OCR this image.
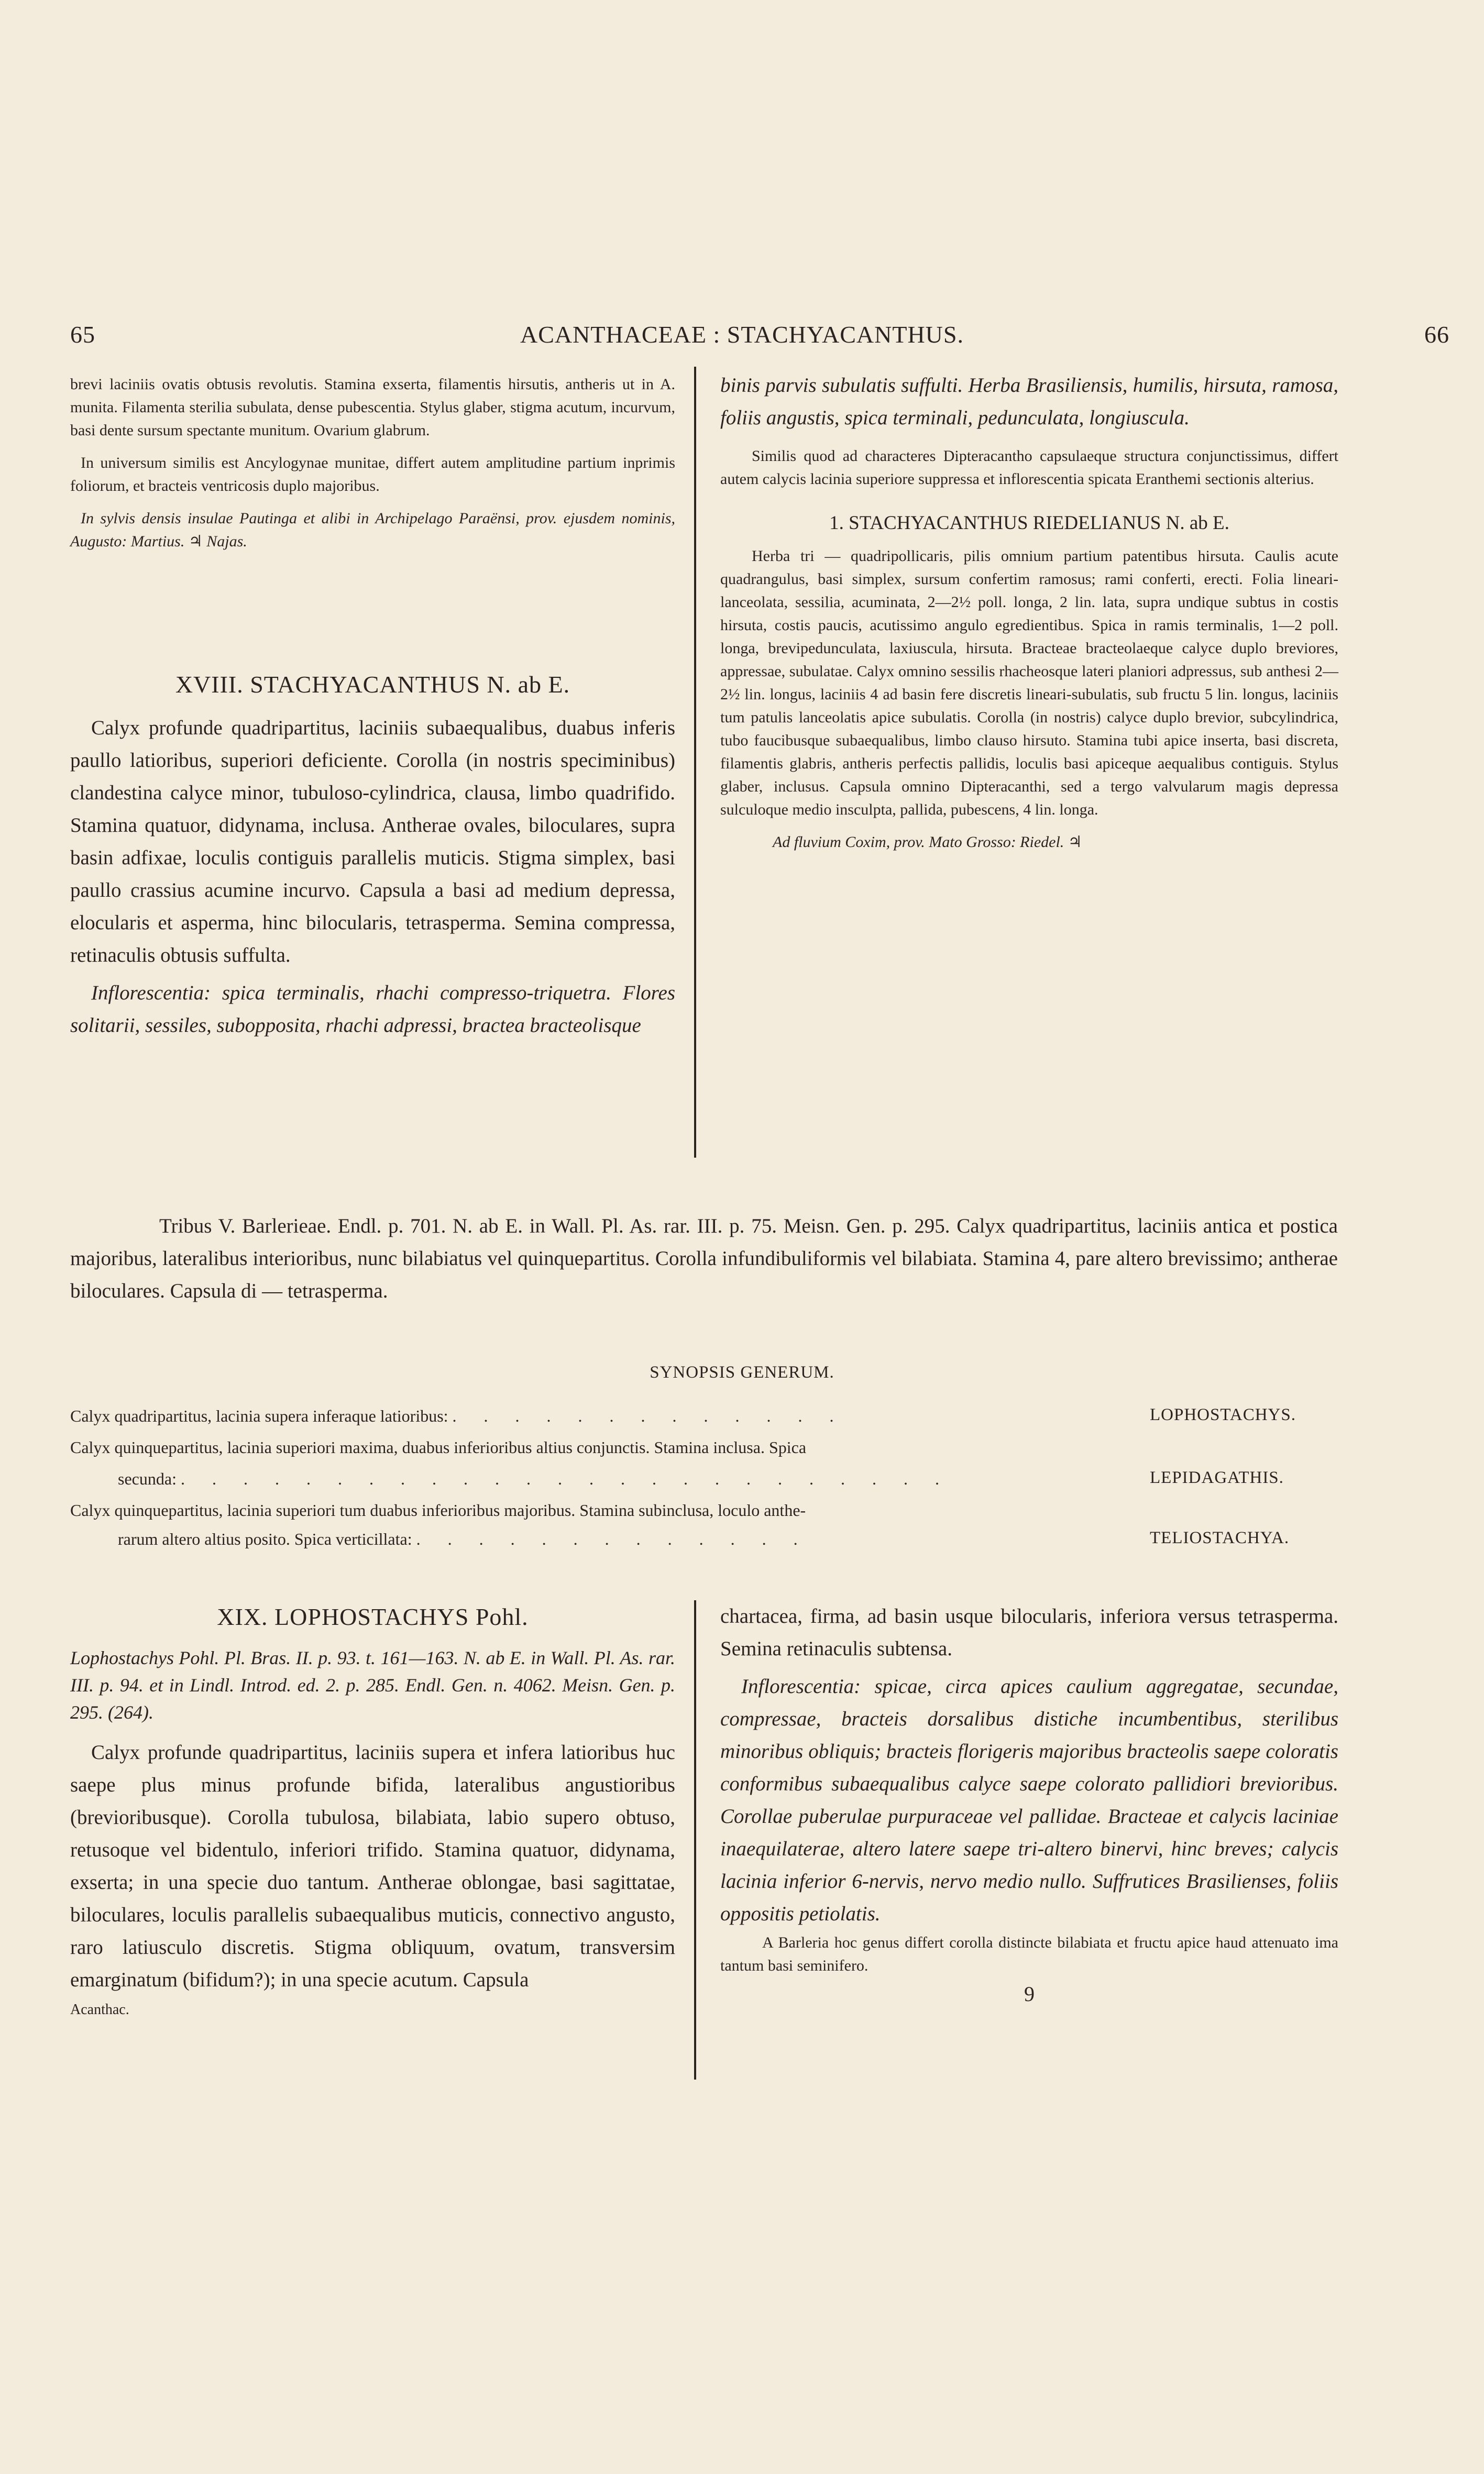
65	ACANTHACEAE : STACHYACANTHUS.	66

brevi laciniis ovatis obtusis revolutis. Stamina exserta, filamentis hirsutis, antheris ut in A. munita. Filamenta sterilia subulata, dense pubescentia. Stylus glaber, stigma acutum, incurvum, basi dente sursum spectante munitum. Ovarium glabrum.

In universum similis est Ancylogynae munitae, differt autem amplitudine partium inprimis foliorum, et bracteis ventricosis duplo majoribus.

In sylvis densis insulae Pautinga et alibi in Archipelago Paraënsi, prov. ejusdem nominis, Augusto: Martius. ♃ Najas.

XVIII. STACHYACANTHUS N. ab E.

Calyx profunde quadripartitus, laciniis subaequalibus, duabus inferis paullo latioribus, superiori deficiente. Corolla (in nostris speciminibus) clandestina calyce minor, tubuloso-cylindrica, clausa, limbo quadrifido. Stamina quatuor, didynama, inclusa. Antherae ovales, biloculares, supra basin adfixae, loculis contiguis parallelis muticis. Stigma simplex, basi paullo crassius acumine incurvo. Capsula a basi ad medium depressa, elocularis et asperma, hinc bilocularis, tetrasperma. Semina compressa, retinaculis obtusis suffulta.

Inflorescentia: spica terminalis, rhachi compresso-triquetra. Flores solitarii, sessiles, subopposita, rhachi adpressi, bractea bracteolisque

binis parvis subulatis suffulti. Herba Brasiliensis, humilis, hirsuta, ramosa, foliis angustis, spica terminali, pedunculata, longiuscula.

Similis quod ad characteres Dipteracantho capsulaeque structura conjunctissimus, differt autem calycis lacinia superiore suppressa et inflorescentia spicata Eranthemi sectionis alterius.

1. STACHYACANTHUS RIEDELIANUS N. ab E.

Herba tri — quadripollicaris, pilis omnium partium patentibus hirsuta. Caulis acute quadrangulus, basi simplex, sursum confertim ramosus; rami conferti, erecti. Folia lineari-lanceolata, sessilia, acuminata, 2—2½ poll. longa, 2 lin. lata, supra undique subtus in costis hirsuta, costis paucis, acutissimo angulo egredientibus. Spica in ramis terminalis, 1—2 poll. longa, brevipedunculata, laxiuscula, hirsuta. Bracteae bracteolaeque calyce duplo breviores, appressae, subulatae. Calyx omnino sessilis rhacheosque lateri planiori adpressus, sub anthesi 2—2½ lin. longus, laciniis 4 ad basin fere discretis lineari-subulatis, sub fructu 5 lin. longus, laciniis tum patulis lanceolatis apice subulatis. Corolla (in nostris) calyce duplo brevior, subcylindrica, tubo faucibusque subaequalibus, limbo clauso hirsuto. Stamina tubi apice inserta, basi discreta, filamentis glabris, antheris perfectis pallidis, loculis basi apiceque aequalibus contiguis. Stylus glaber, inclusus. Capsula omnino Dipteracanthi, sed a tergo valvularum magis depressa sulculoque medio insculpta, pallida, pubescens, 4 lin. longa.

Ad fluvium Coxim, prov. Mato Grosso: Riedel. ♃

Tribus V. Barlerieae. Endl. p. 701. N. ab E. in Wall. Pl. As. rar. III. p. 75. Meisn. Gen. p. 295. Calyx quadripartitus, laciniis antica et postica majoribus, lateralibus interioribus, nunc bilabiatus vel quinquepartitus. Corolla infundibuliformis vel bilabiata. Stamina 4, pare altero brevissimo; antherae biloculares. Capsula di — tetrasperma.

SYNOPSIS GENERUM.
Calyx quadripartitus, lacinia supera inferaque latioribus: . . . . . . . . . . . . .	LOPHOSTACHYS.
Calyx quinquepartitus, lacinia superiori maxima, duabus inferioribus altius conjunctis. Stamina inclusa. Spica
secunda: . . . . . . . . . . . . . . . . . . . . . . . . .	LEPIDAGATHIS.
Calyx quinquepartitus, lacinia superiori tum duabus inferioribus majoribus. Stamina subinclusa, loculo anthe-
rarum altero altius posito. Spica verticillata: . . . . . . . . . . . . .	TELIOSTACHYA.
XIX. LOPHOSTACHYS Pohl.

Lophostachys Pohl. Pl. Bras. II. p. 93. t. 161—163. N. ab E. in Wall. Pl. As. rar. III. p. 94. et in Lindl. Introd. ed. 2. p. 285. Endl. Gen. n. 4062. Meisn. Gen. p. 295. (264).

Calyx profunde quadripartitus, laciniis supera et infera latioribus huc saepe plus minus profunde bifida, lateralibus angustioribus (brevioribusque). Corolla tubulosa, bilabiata, labio supero obtuso, retusoque vel bidentulo, inferiori trifido. Stamina quatuor, didynama, exserta; in una specie duo tantum. Antherae oblongae, basi sagittatae, biloculares, loculis parallelis subaequalibus muticis, connectivo angusto, raro latiusculo discretis. Stigma obliquum, ovatum, transversim emarginatum (bifidum?); in una specie acutum. Capsula

Acanthac.

chartacea, firma, ad basin usque bilocularis, inferiora versus tetrasperma. Semina retinaculis subtensa.

Inflorescentia: spicae, circa apices caulium aggregatae, secundae, compressae, bracteis dorsalibus distiche incumbentibus, sterilibus minoribus obliquis; bracteis florigeris majoribus bracteolis saepe coloratis conformibus subaequalibus calyce saepe colorato pallidiori brevioribus. Corollae puberulae purpuraceae vel pallidae. Bracteae et calycis laciniae inaequilaterae, altero latere saepe tri-altero binervi, hinc breves; calycis lacinia inferior 6-nervis, nervo medio nullo. Suffrutices Brasilienses, foliis oppositis petiolatis.

A Barleria hoc genus differt corolla distincte bilabiata et fructu apice haud attenuato ima tantum basi seminifero.

9
